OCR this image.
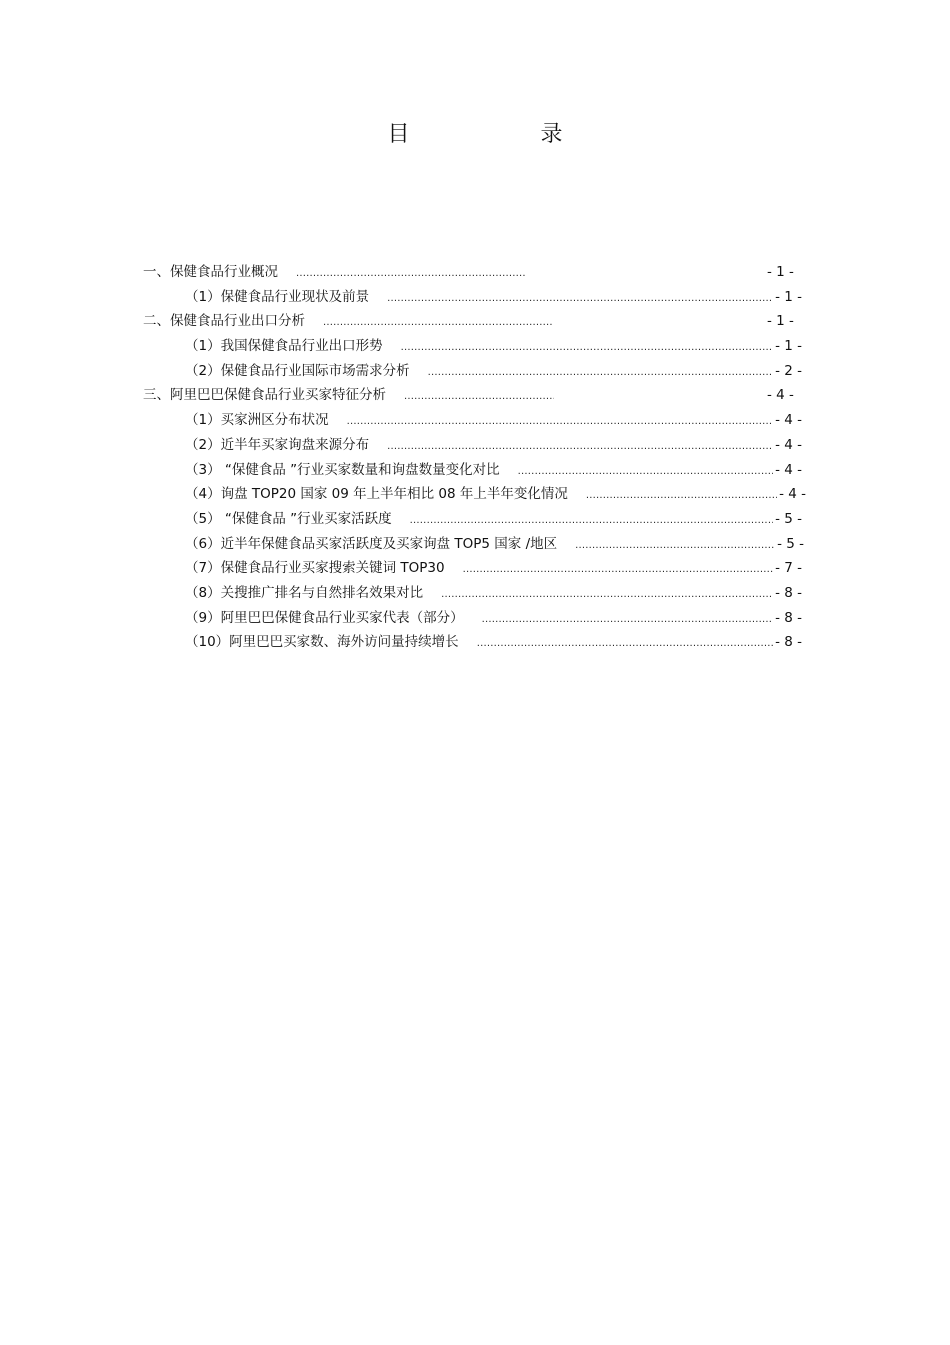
目 录
一、保健食品行业概况 .....	- 1 -
（1）保健食品行业现状及前景 .....	- 1 -
二、保健食品行业出口分析 .....	- 1 -
（1）我国保健食品行业出口形势 .....	- 1 -
（2）保健食品行业国际市场需求分析 .....	- 2 -
三、阿里巴巴保健食品行业买家特征分析 .....	- 4 -
（1）买家洲区分布状况 .....	- 4 -
（2）近半年买家询盘来源分布 .....	- 4 -
（3） “保健食品 ”行业买家数量和询盘数量变化对比 .....	- 4 -
（4）询盘 TOP20 国家 09 年上半年相比 08 年上半年变化情况 .....	- 4 -
（5） “保健食品 ”行业买家活跃度 .....	- 5 -
（6）近半年保健食品买家活跃度及买家询盘 TOP5 国家 /地区 .....	- 5 -
（7）保健食品行业买家搜索关键词 TOP30 .....	- 7 -
（8）关搜推广排名与自然排名效果对比 .....	- 8 -
（9）阿里巴巴保健食品行业买家代表（部分） .....	- 8 -
（10）阿里巴巴买家数、海外访问量持续增长 .....	- 8 -
